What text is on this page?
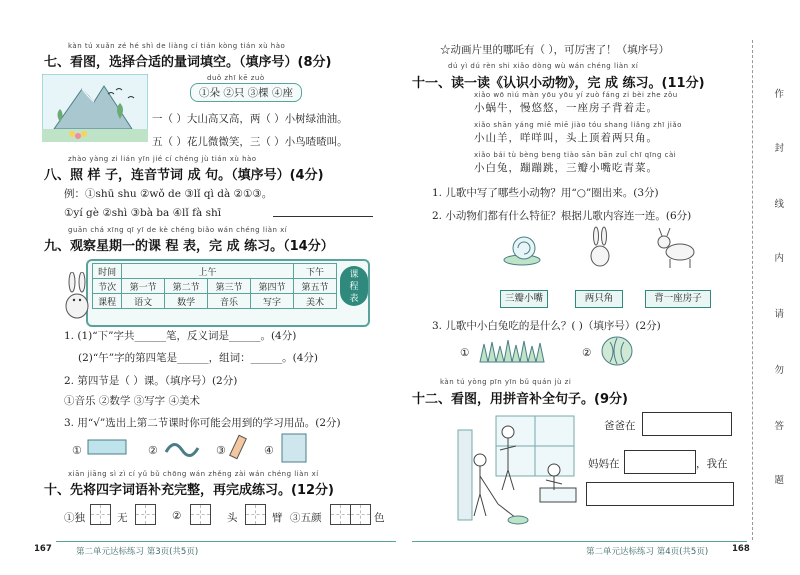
kàn tú xuǎn zé hé shì de liàng cí tián kòng tián xù hào
七、看图，选择合适的量词填空。（填序号）(8分)
duǒ zhī kē zuò
①朵 ②只 ③棵 ④座
一（ ）大山高又高，两（ ）小树绿油油。
五（ ）花儿微微笑，三（ ）小鸟喳喳叫。
zhào yàng zi lián yīn jié cí chéng jù tián xù hào
八、照 样 子，连音节词 成 句。（填序号）(4分)
例：①shū shu ②wǒ de ③lǐ qì dà ②①③。
①yí gè ②shì ③bà ba ④lǐ fà shī
guān chá xīng qī yī de kè chéng biǎo wán chéng liàn xí
九、观察星期一的课 程 表，完 成 练习。（14分）
时间	上午				下午
节次	第一节	第二节	第三节	第四节	第五节
课程	语文	数学	音乐	写字	美术
课
程
表
1. (1)“下”字共______笔，反义词是______。(4分)
(2)“午”字的第四笔是______，组词：______。(4分)
2. 第四节是（ ）课。（填序号）(2分)
①音乐 ②数学 ③写字 ④美术
3. 用“√”选出上第二节课时你可能会用到的学习用品。(2分)
①	②	③	④
xiān jiāng sì zì cí yǔ bǔ chōng wán zhěng zài wán chéng liàn xí
十、先将四字词语补充完整，再完成练习。(12分)
①独	无	②	头	臂 ③五颜	色
167	第二单元达标练习 第3页(共5页)
☆动画片里的哪吒有（ ），可厉害了！（填序号）
dú yì dú rèn shi xiǎo dòng wù wán chéng liàn xí
十一、读一读《认识小动物》，完 成 练习。(11分)
xiǎo wō niú màn yōu yōu yí zuò fáng zi bèi zhe zǒu
小蜗牛，慢悠悠，一座房子背着走。
xiǎo shān yáng miē miē jiào tóu shang liǎng zhī jiǎo
小山羊，咩咩叫，头上顶着两只角。
xiǎo bái tù bèng beng tiào sān bān zuǐ chī qīng cài
小白兔，蹦蹦跳，三瓣小嘴吃青菜。
1. 儿歌中写了哪些小动物？用“○”圈出来。(3分)
2. 小动物们都有什么特征？根据儿歌内容连一连。(6分)
三瓣小嘴	两只角	背一座房子
3. 儿歌中小白兔吃的是什么？( )（填序号）(2分)
①	②
kàn tú yòng pīn yīn bǔ quán jù zi
十二、看图，用拼音补全句子。(9分)
爸爸在
妈妈在	，我在
第二单元达标练习 第4页(共5页)	168
作
封
线
内
请
勿
答
题
